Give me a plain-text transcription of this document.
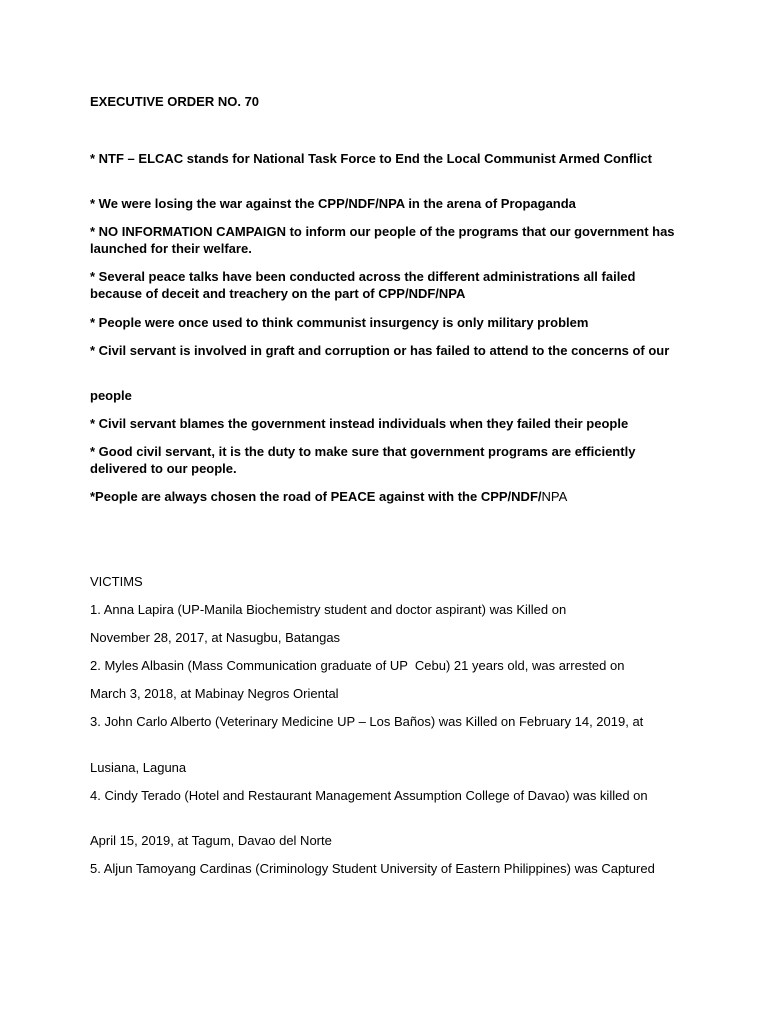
EXECUTIVE ORDER NO. 70
* NTF – ELCAC stands for National Task Force to End the Local Communist Armed Conflict
* We were losing the war against the CPP/NDF/NPA in the arena of Propaganda
* NO INFORMATION CAMPAIGN to inform our people of the programs that our government has launched for their welfare.
* Several peace talks have been conducted across the different administrations all failed because of deceit and treachery on the part of CPP/NDF/NPA
* People were once used to think communist insurgency is only military problem
* Civil servant is involved in graft and corruption or has failed to attend to the concerns of our
people
* Civil servant blames the government instead individuals when they failed their people
* Good civil servant, it is the duty to make sure that government programs are efficiently delivered to our people.
*People are always chosen the road of PEACE against with the CPP/NDF/NPA
VICTIMS
1. Anna Lapira (UP-Manila Biochemistry student and doctor aspirant) was Killed on
November 28, 2017, at Nasugbu, Batangas
2. Myles Albasin (Mass Communication graduate of UP  Cebu) 21 years old, was arrested on
March 3, 2018, at Mabinay Negros Oriental
3. John Carlo Alberto (Veterinary Medicine UP – Los Baños) was Killed on February 14, 2019, at
Lusiana, Laguna
4. Cindy Terado (Hotel and Restaurant Management Assumption College of Davao) was killed on
April 15, 2019, at Tagum, Davao del Norte
5. Aljun Tamoyang Cardinas (Criminology Student University of Eastern Philippines) was Captured
